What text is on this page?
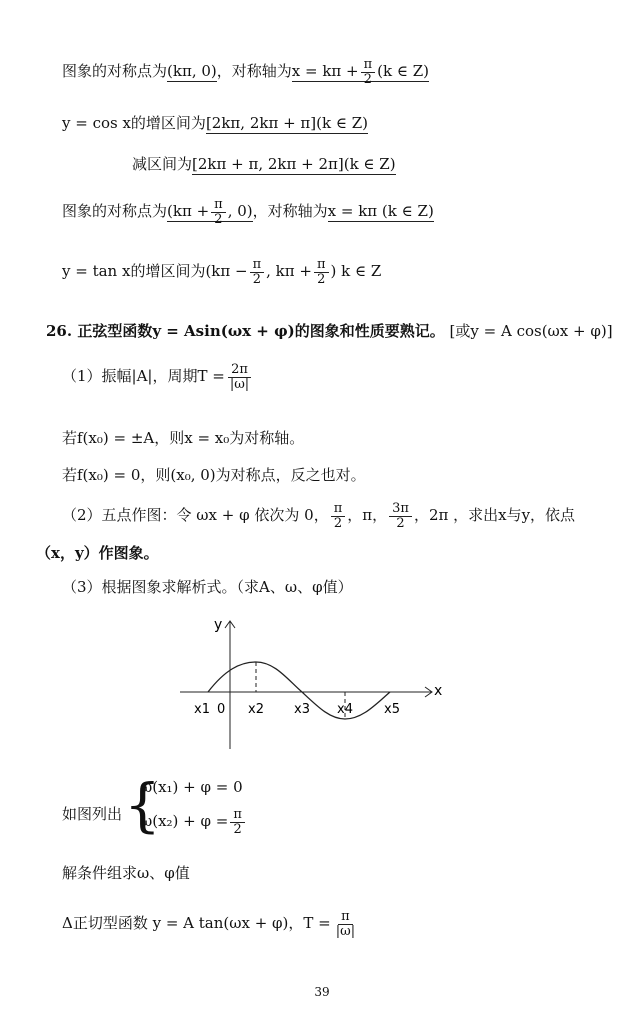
图象的对称点为(kπ, 0)，对称轴为$x = k\pi + \frac{\pi}{2} (k$ ∈ Z)
y = cos x的增区间为[2kπ, 2kπ + π](k ∈ Z)
减区间为[2kπ + π, 2kπ + 2π](k ∈ Z)
图象的对称点为($k\pi + \frac{\pi}{2}$ , 0)，对称轴为x = kπ (k ∈ Z)
y = tan x的增区间为($k\pi - \frac{\pi}{2}$ , $k\pi + \frac{\pi}{2}$ ) k ∈ Z
26. 正弦型函数y = Asin(ωx + φ)的图象和性质要熟记。 [或y = A cos(ωx + φ)]
（1）振幅|A|，周期$T = \frac{2\pi}{|\omega|}$
若f(x₀) = ±A，则x = x₀为对称轴。
若f(x₀) = 0，则(x₀, 0)为对称点，反之也对。
（2）五点作图：令 ωx + φ 依次为 0， $\frac{\pi}{2}$ ，π， $\frac{3\pi}{2}$ ，2π ，求出x与y，依点
（x，y）作图象。
（3）根据图象求解析式。（求A、ω、φ值）
y
x
0
x1	x2 x3 x4 x5
如图列出 {
ω(x₁) + φ = 0
$\omega(x_2) + \varphi = \frac{\pi}{2}$
解条件组求ω、φ值
Δ正切型函数 y = A tan(ωx + φ)，$T = \frac{\pi}{|\omega|}$
39
